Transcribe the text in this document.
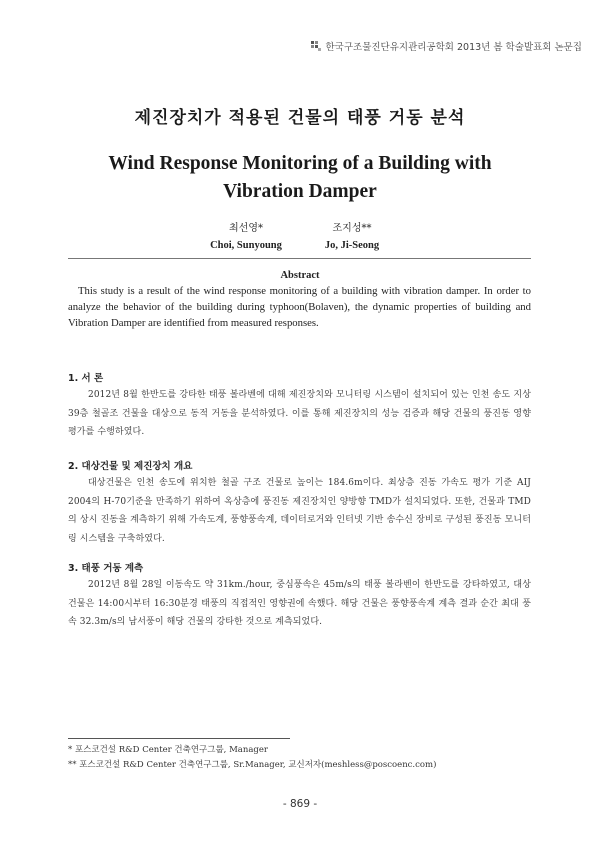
한국구조물진단유지관리공학회 2013년 봄 학술발표회 논문집
제진장치가 적용된 건물의 태풍 거동 분석
Wind Response Monitoring of a Building with
Vibration Damper
최선영*
Choi, Sunyoung
조지성**
Jo, Ji-Seong
Abstract
This study is a result of the wind response monitoring of a building with vibration damper. In order to analyze the behavior of the building during typhoon(Bolaven), the dynamic properties of building and Vibration Damper are identified from measured responses.
1. 서 론
2012년 8월 한반도를 강타한 태풍 볼라벤에 대해 제진장치와 모니터링 시스템이 설치되어 있는 인천 송도 지상 39층 철골조 건물을 대상으로 동적 거동을 분석하였다. 이를 통해 제진장치의 성능 검증과 해당 건물의 풍진동 영향 평가를 수행하였다.
2. 대상건물 및 제진장치 개요
대상건물은 인천 송도에 위치한 철골 구조 건물로 높이는 184.6m이다. 최상층 진동 가속도 평가 기준 AIJ 2004의 H-70기준을 만족하기 위하여 옥상층에 풍진동 제진장치인 양방향 TMD가 설치되었다. 또한, 건물과 TMD의 상시 진동을 계측하기 위해 가속도계, 풍향풍속계, 데이터로거와 인터넷 기반 송수신 장비로 구성된 풍진동 모니터링 시스템을 구축하였다.
3. 태풍 거동 계측
2012년 8월 28일 이동속도 약 31km./hour, 중심풍속은 45m/s의 태풍 볼라벤이 한반도를 강타하였고, 대상건물은 14:00시부터 16:30분경 태풍의 직접적인 영향권에 속했다. 해당 건물은 풍향풍속계 계측 결과 순간 최대 풍속 32.3m/s의 남서풍이 해당 건물의 강타한 것으로 계측되었다.
* 포스코건설 R&D Center 건축연구그룹, Manager
** 포스코건설 R&D Center 건축연구그룹, Sr.Manager, 교신저자(meshless@poscoenc.com)
- 869 -
